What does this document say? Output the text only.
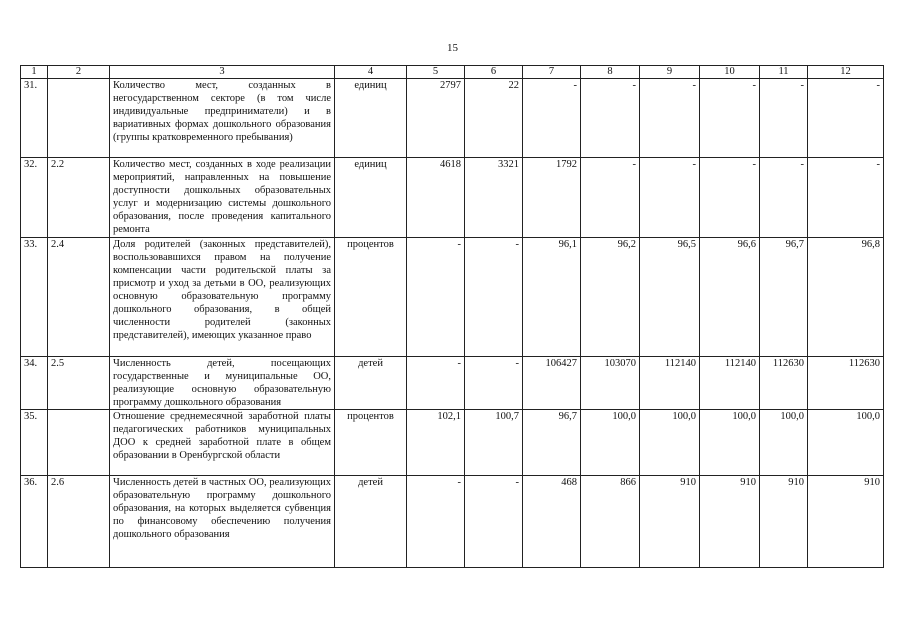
15
1	2	3	4	5	6	7	8	9	10	11	12
31.		Количество мест, созданных в негосударственном секторе (в том числе индивидуальные предприниматели) и в вариативных формах дошкольного образования (группы кратковременного пребывания)	единиц	2797	22	-	-	-	-	-	-
32.	2.2	Количество мест, созданных в ходе реализации мероприятий, направленных на повышение доступности дошкольных образовательных услуг и модернизацию системы дошкольного образования, после проведения капитального ремонта	единиц	4618	3321	1792	-	-	-	-	-
33.	2.4	Доля родителей (законных представителей), воспользовавшихся правом на получение компенсации части родительской платы за присмотр и уход за детьми в ОО, реализующих основную образовательную программу дошкольного образования, в общей численности родителей (законных представителей), имеющих указанное право	процентов	-	-	96,1	96,2	96,5	96,6	96,7	96,8
34.	2.5	Численность детей, посещающих государственные и муниципальные ОО, реализующие основную образовательную программу дошкольного образования	детей	-	-	106427	103070	112140	112140	112630	112630
35.		Отношение среднемесячной заработной платы педагогических работников муниципальных ДОО к средней заработной плате в общем образовании в Оренбургской области	процентов	102,1	100,7	96,7	100,0	100,0	100,0	100,0	100,0
36.	2.6	Численность детей в частных ОО, реализующих образовательную программу дошкольного образования, на которых выделяется субвенция по финансовому обеспечению получения дошкольного образования	детей	-	-	468	866	910	910	910	910
